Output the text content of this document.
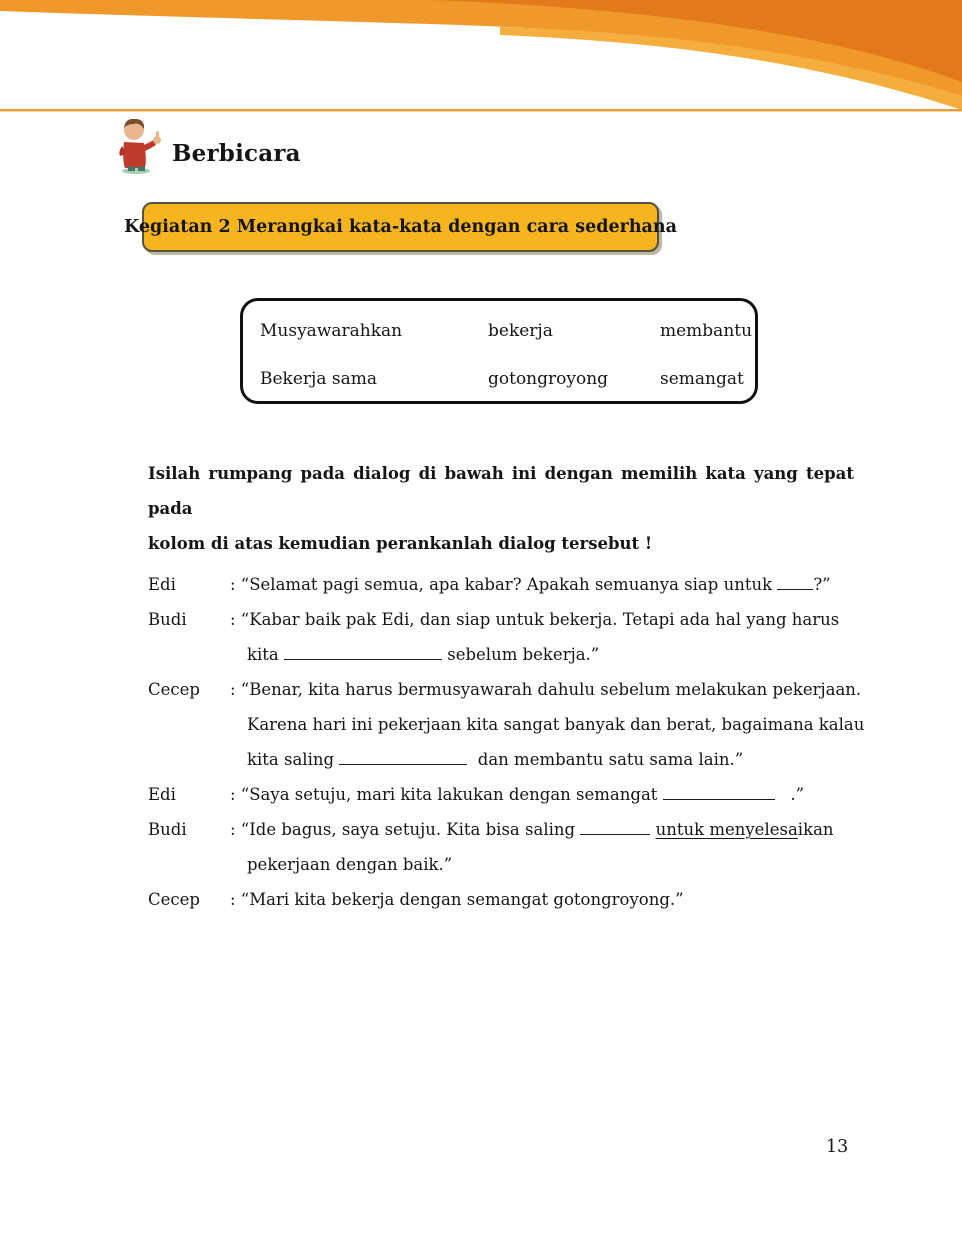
Berbicara
Kegiatan 2 Merangkai kata-kata dengan cara sederhana
Musyawarahkan	bekerja	membantu
Bekerja sama	gotongroyong	semangat

Isilah rumpang pada dialog di bawah ini dengan memilih kata yang tepat pada

kolom di atas kemudian perankanlah dialog tersebut !

Edi	: “Selamat pagi semua, apa kabar? Apakah semuanya siap untuk ?”
Budi	: “Kabar baik pak Edi, dan siap untuk bekerja. Tetapi ada hal yang harus
kita	sebelum bekerja.”
Cecep	: “Benar, kita harus bermusyawarah dahulu sebelum melakukan pekerjaan.
Karena hari ini pekerjaan kita sangat banyak dan berat, bagaimana kalau
kita saling	dan membantu satu sama lain.”
Edi	: “Saya setuju, mari kita lakukan dengan semangat	.”
Budi	: “Ide bagus, saya setuju. Kita bisa saling	untuk menyelesaikan
pekerjaan dengan baik.”
Cecep	: “Mari kita bekerja dengan semangat gotongroyong.”
13
